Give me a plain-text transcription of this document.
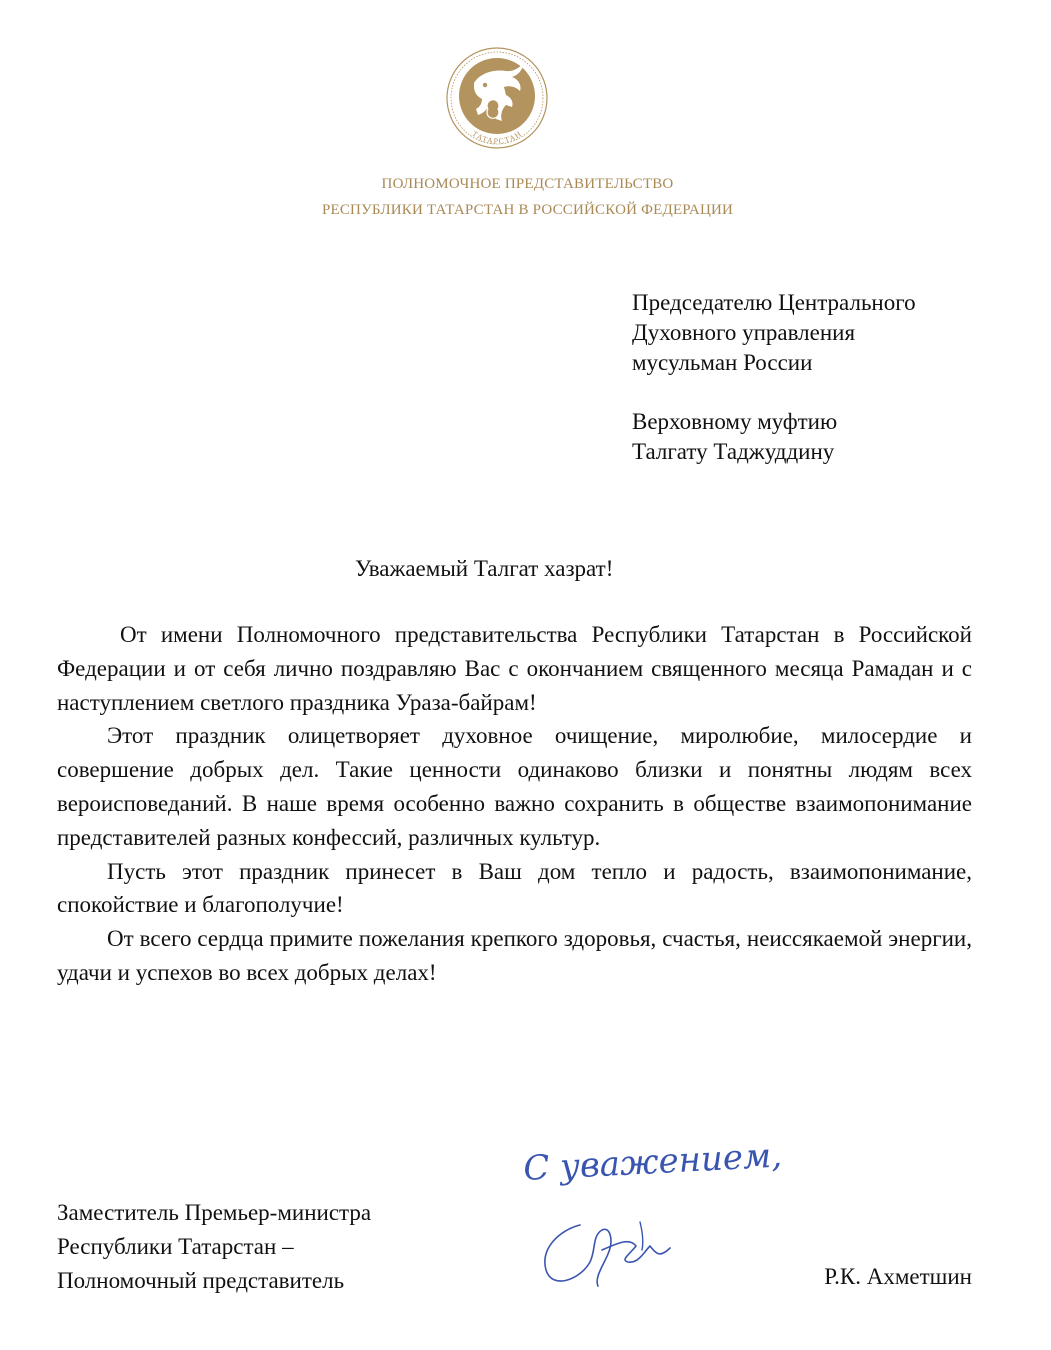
ТАТАРСТАН
ПОЛНОМОЧНОЕ ПРЕДСТАВИТЕЛЬСТВО
РЕСПУБЛИКИ ТАТАРСТАН В РОССИЙСКОЙ ФЕДЕРАЦИИ
Председателю Центрального
Духовного управления
мусульман России
Верховному муфтию
Талгату Таджуддину
Уважаемый Талгат хазрат!

От имени Полномочного представительства Республики Татарстан в Российской Федерации и от себя лично поздравляю Вас с окончанием священного месяца Рамадан и с наступлением светлого праздника Ураза-байрам!

Этот праздник олицетворяет духовное очищение, миролюбие, милосердие и совершение добрых дел. Такие ценности одинаково близки и понятны людям всех вероисповеданий. В наше время особенно важно сохранить в обществе взаимопонимание представителей разных конфессий, различных культур.

Пусть этот праздник принесет в Ваш дом тепло и радость, взаимопонимание, спокойствие и благополучие!

От всего сердца примите пожелания крепкого здоровья, счастья, неиссякаемой энергии, удачи и успехов во всех добрых делах!

С уважением,
Заместитель Премьер-министра
Республики Татарстан –
Полномочный представитель	Р.К. Ахметшин
